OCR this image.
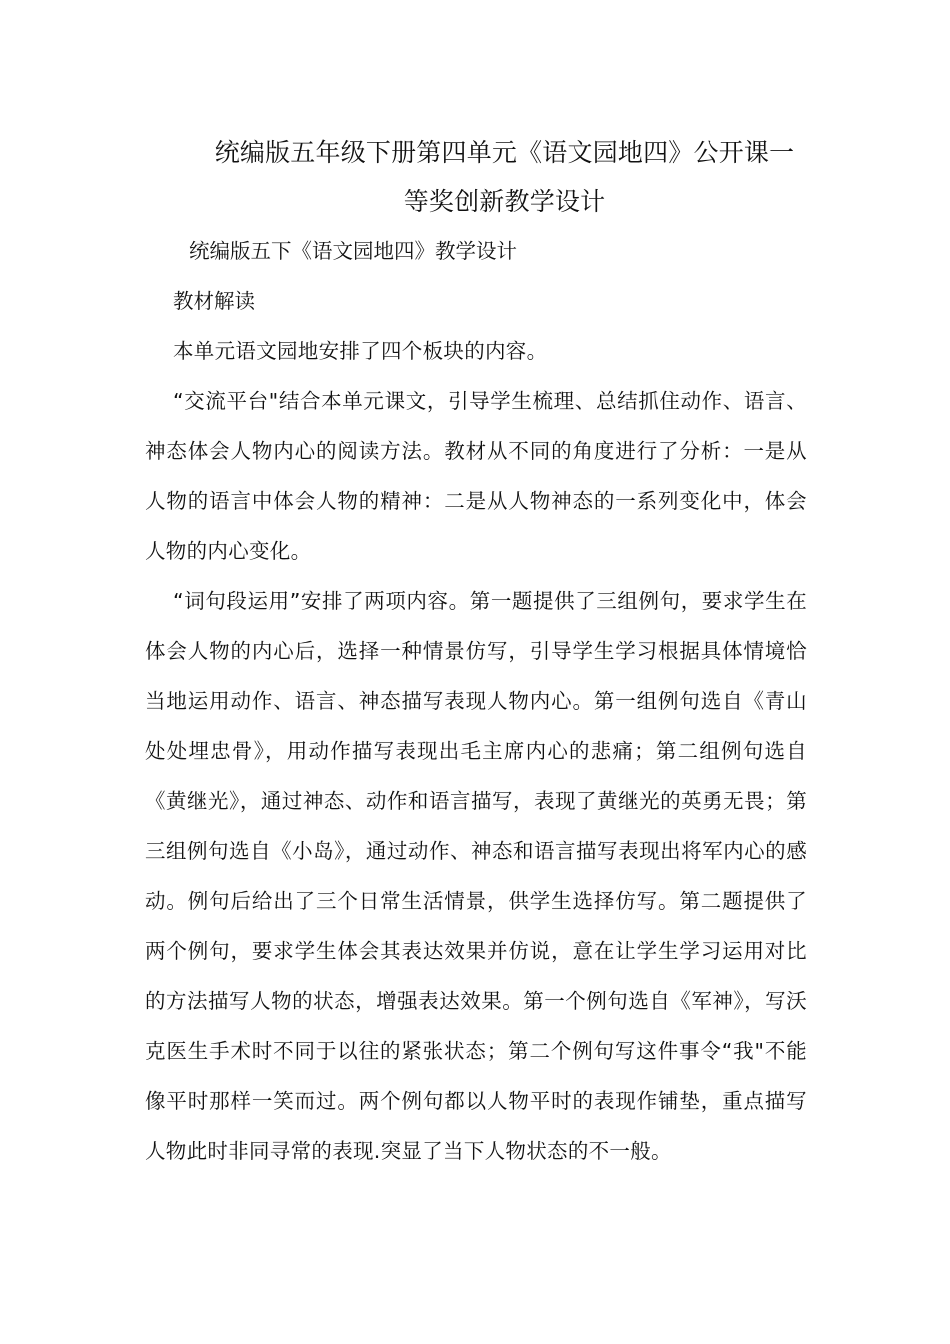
统编版五年级下册第四单元《语文园地四》公开课一
等奖创新教学设计

统编版五下《语文园地四》教学设计

教材解读

本单元语文园地安排了四个板块的内容。

“交流平台"结合本单元课文，引导学生梳理、总结抓住动作、语言、神态体会人物内心的阅读方法。教材从不同的角度进行了分析：一是从人物的语言中体会人物的精神：二是从人物神态的一系列变化中，体会人物的内心变化。

“词句段运用”安排了两项内容。第一题提供了三组例句，要求学生在体会人物的内心后，选择一种情景仿写，引导学生学习根据具体情境恰当地运用动作、语言、神态描写表现人物内心。第一组例句选自《青山处处埋忠骨》，用动作描写表现出毛主席内心的悲痛；第二组例句选自《黄继光》，通过神态、动作和语言描写，表现了黄继光的英勇无畏；第三组例句选自《小岛》，通过动作、神态和语言描写表现出将军内心的感动。例句后给出了三个日常生活情景，供学生选择仿写。第二题提供了两个例句，要求学生体会其表达效果并仿说，意在让学生学习运用对比的方法描写人物的状态，增强表达效果。第一个例句选自《军神》，写沃克医生手术时不同于以往的紧张状态；第二个例句写这件事令“我"不能像平时那样一笑而过。两个例句都以人物平时的表现作铺垫，重点描写人物此时非同寻常的表现.突显了当下人物状态的不一般。
